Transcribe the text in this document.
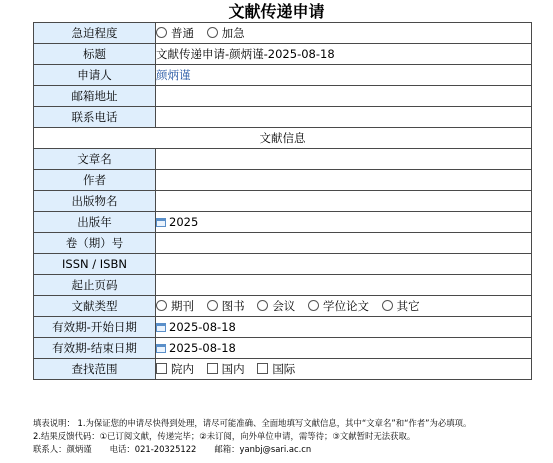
文献传递申请
急迫程度	普通 加急
标题	文献传递申请-颜炳谨-2025-08-18
申请人	颜炳谨
邮箱地址	
联系电话	
文献信息	
文章名	
作者	
出版物名	
出版年	2025
卷（期）号	
ISSN / ISBN	
起止页码	
文献类型	期刊 图书 会议 学位论文 其它
有效期-开始日期	2025-08-18
有效期-结束日期	2025-08-18
查找范围	院内 国内 国际
填表说明： 1.为保证您的申请尽快得到处理，请尽可能准确、全面地填写文献信息，其中“文章名”和“作者”为必填项。
2.结果反馈代码：①已订阅文献，传递完毕；②未订阅，向外单位申请，需等待；③文献暂时无法获取。
联系人：颜炳谨 电话：021-20325122 邮箱：yanbj@sari.ac.cn
